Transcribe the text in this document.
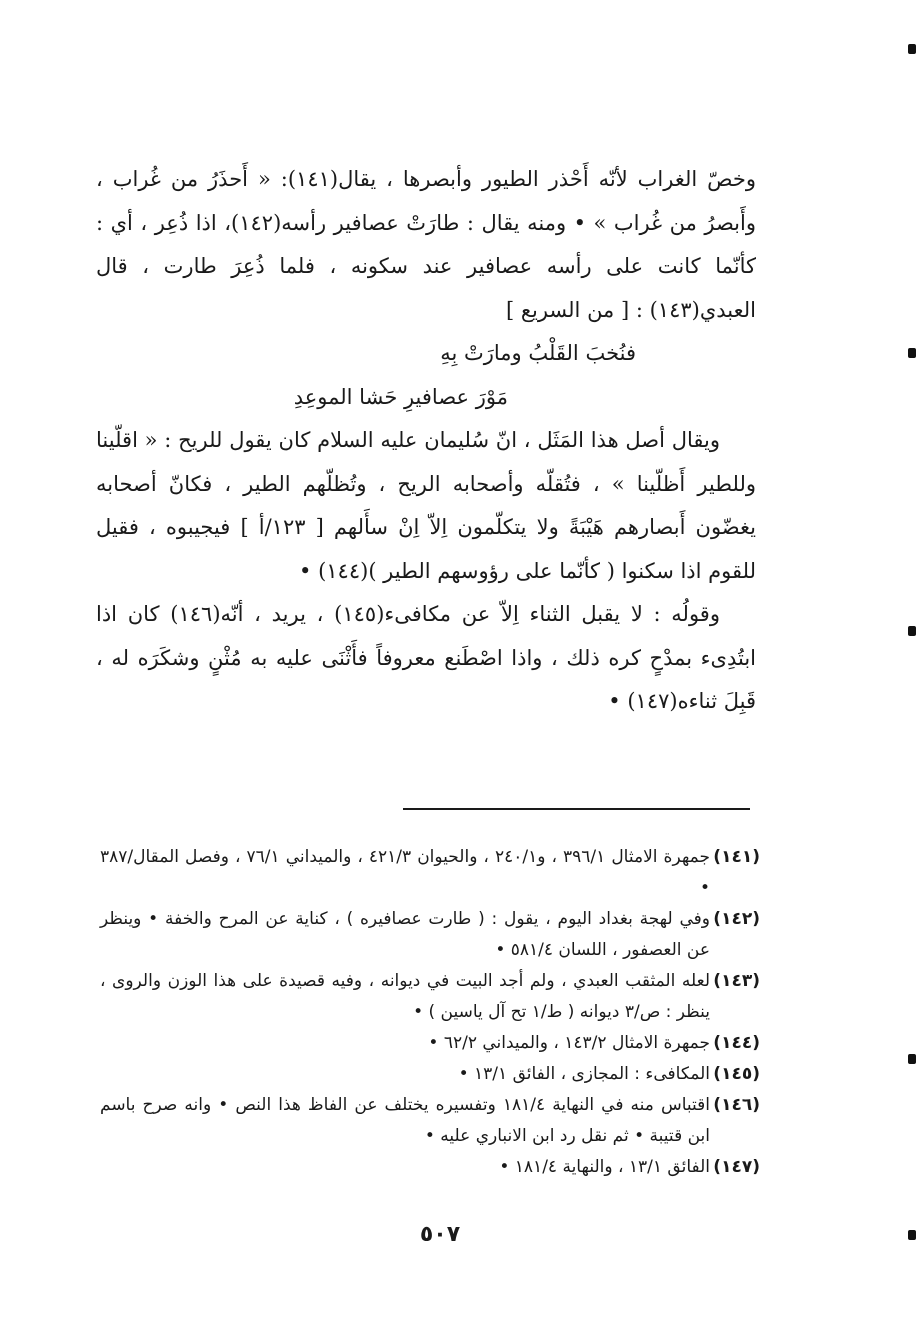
وخصّ الغراب لأنّه أَحْذر الطيور وأبصرها ، يقال(١٤١): « أَحذَرُ من غُراب ، وأَبصرُ من غُراب » • ومنه يقال : طارَتْ عصافير رأسه(١٤٢)، اذا ذُعِر ، أي : كأنّما كانت على رأسه عصافير عند سكونه ، فلما ذُعِرَ طارت ، قال العبدي(١٤٣) : [ من السريع ]

فنُخبَ القَلْبُ ومارَتْ بِهِ

مَوْرَ عصافيرِ حَشا الموعِدِ

ويقال أصل هذا المَثَل ، انّ سُليمان عليه السلام كان يقول للريح : « اقلّينا وللطير أَظلّينا » ، فتُقلّه وأصحابه الريح ، وتُظلّهم الطير ، فكانّ أصحابه يغضّون أَبصارهم هَيْبَةً ولا يتكلّمون اِلاّ اِنْ سأَلهم [ ١٢٣/أ ] فيجيبوه ، فقيل للقوم اذا سكنوا ( كأنّما على رؤوسهم الطير )(١٤٤) •

وقولُه : لا يقبل الثناء اِلاّ عن مكافىء(١٤٥) ، يريد ، أنّه(١٤٦) كان اذا ابتُدِىء بمدْحٍ كره ذلك ، واذا اصْطَنع معروفاً فأَثْنَى عليه به مُثْنٍ وشكَرَه له ، قَبِلَ ثناءه(١٤٧) •

(١٤١)
جمهرة الامثال ٣٩٦/١ ، و٢٤٠/١ ، والحيوان ٤٢١/٣ ، والميداني ٧٦/١ ، وفصل المقال/٣٨٧ •
(١٤٢)
وفي لهجة بغداد اليوم ، يقول : ( طارت عصافيره ) ، كناية عن المرح والخفة • وينظر عن العصفور ، اللسان ٥٨١/٤ •
(١٤٣)
لعله المثقب العبدي ، ولم أجد البيت في ديوانه ، وفيه قصيدة على هذا الوزن والروى ، ينظر : ص/٣ ديوانه ( ط/١ تح آل ياسين ) •
(١٤٤)
جمهرة الامثال ١٤٣/٢ ، والميداني ٦٢/٢ •
(١٤٥)
المكافىء : المجازى ، الفائق ١٣/١ •
(١٤٦)
اقتباس منه في النهاية ١٨١/٤ وتفسيره يختلف عن الفاظ هذا النص • وانه صرح باسم ابن قتيبة • ثم نقل رد ابن الانباري عليه •
(١٤٧)
الفائق ١٣/١ ، والنهاية ١٨١/٤ •
٥٠٧
